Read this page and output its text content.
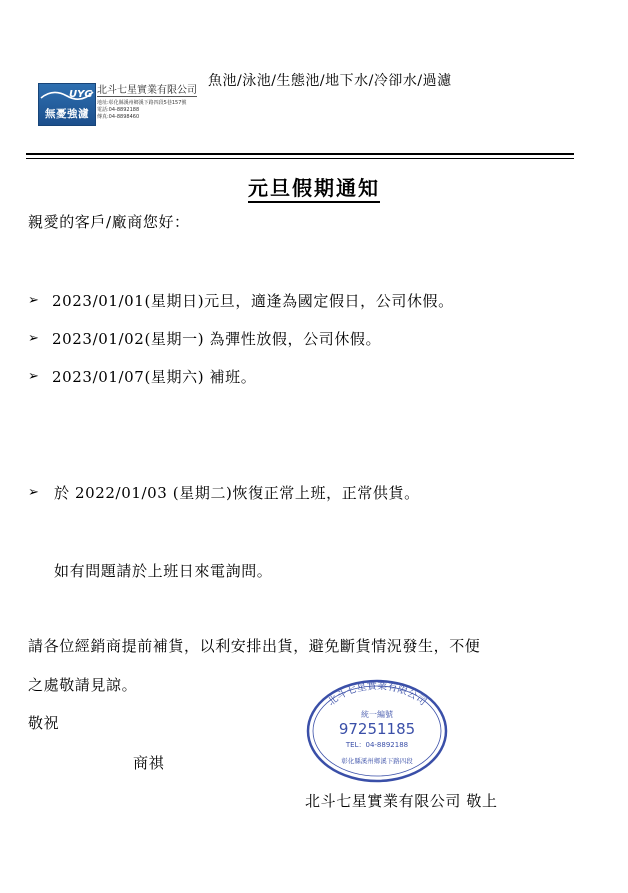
UYG
無憂強濾
北斗七星實業有限公司
地址:彰化縣溪州鄉溪下路四段5巷157號
電話:04-8892188
傳真:04-8898460
魚池/泳池/生態池/地下水/冷卻水/過濾
元旦假期通知
親愛的客戶/廠商您好：
➢ 2023/01/01(星期日)元旦，適逢為國定假日，公司休假。
➢ 2023/01/02(星期一) 為彈性放假，公司休假。
➢ 2023/01/07(星期六) 補班。
➢ 於 2022/01/03 (星期二)恢復正常上班，正常供貨。
如有問題請於上班日來電詢問。
請各位經銷商提前補貨，以利安排出貨，避免斷貨情況發生，不便
之處敬請見諒。
敬祝
商祺
北斗七星實業有限公司
統一編號
97251185
TEL：04-8892188
彰化縣溪州鄉溪下路四段
北斗七星實業有限公司 敬上
